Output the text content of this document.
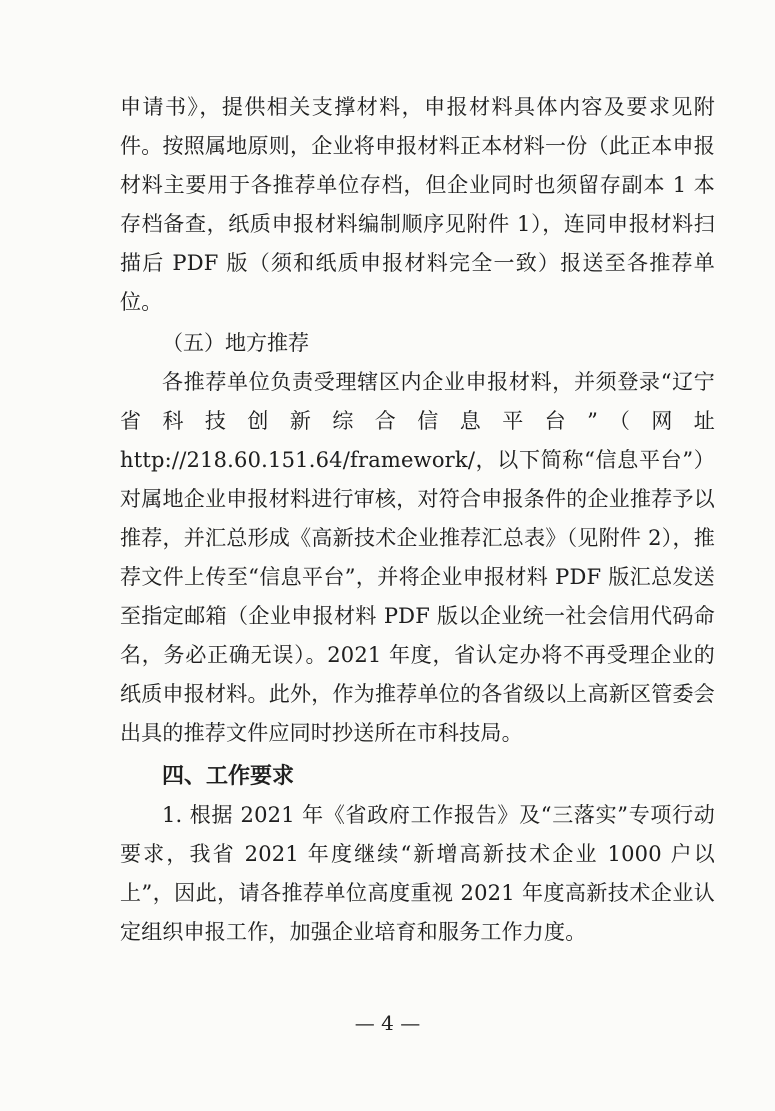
申请书》，提供相关支撑材料，申报材料具体内容及要求见附件。按照属地原则，企业将申报材料正本材料一份（此正本申报材料主要用于各推荐单位存档，但企业同时也须留存副本 1 本存档备查，纸质申报材料编制顺序见附件 1），连同申报材料扫描后 PDF 版（须和纸质申报材料完全一致）报送至各推荐单位。

（五）地方推荐

各推荐单位负责受理辖区内企业申报材料，并须登录“辽宁省科技创新综合信息平台”（网址 http://218.60.151.64/framework/，以下简称“信息平台”）对属地企业申报材料进行审核，对符合申报条件的企业推荐予以推荐，并汇总形成《高新技术企业推荐汇总表》（见附件 2），推荐文件上传至“信息平台”，并将企业申报材料 PDF 版汇总发送至指定邮箱（企业申报材料 PDF 版以企业统一社会信用代码命名，务必正确无误）。2021 年度，省认定办将不再受理企业的纸质申报材料。此外，作为推荐单位的各省级以上高新区管委会出具的推荐文件应同时抄送所在市科技局。

四、工作要求

1. 根据 2021 年《省政府工作报告》及“三落实”专项行动要求，我省 2021 年度继续“新增高新技术企业 1000 户以上”，因此，请各推荐单位高度重视 2021 年度高新技术企业认定组织申报工作，加强企业培育和服务工作力度。

— 4 —
